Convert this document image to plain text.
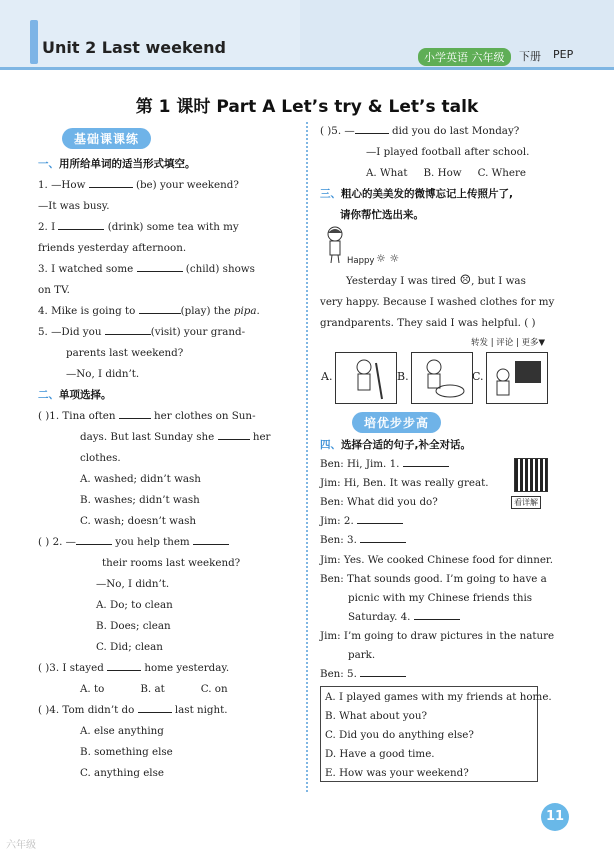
Unit 2 Last weekend
小学英语 六年级	下册 PEP
第 1 课时 Part A Let’s try & Let’s talk
基础课课练

一、用所给单词的适当形式填空。

1. —How	(be) your weekend?

—It was busy.

2. I	(drink) some tea with my

friends yesterday afternoon.

3. I watched some	(child) shows

on TV.

4. Mike is going to	(play) the pipa.

5. —Did you	(visit) your grand-

parents last weekend?

—No, I didn’t.

二、单项选择。

( )1. Tina often	her clothes on Sun-

days. But last Sunday she	her

clothes.

A. washed; didn’t wash

B. washes; didn’t wash

C. wash; doesn’t wash

( ) 2. —	you help them

their rooms last weekend?

—No, I didn’t.

A. Do; to clean

B. Does; clean

C. Did; clean

( )3. I stayed	home yesterday.

A. to	B. at	C. on

( )4. Tom didn’t do	last night.

A. else anything

B. something else

C. anything else

( )5. —	did you do last Monday?

—I played football after school.

A. What B. How C. Where

三、粗心的美美发的微博忘记上传照片了,

请你帮忙选出来。

Happy ☼ ☼

Yesterday I was tired ☹, but I was

very happy. Because I washed clothes for my

grandparents. They said I was helpful. ( )

转发 | 评论 | 更多▼
A.	B.	C.
培优步步高

四、选择合适的句子,补全对话。

Ben: Hi, Jim. 1.

Jim: Hi, Ben. It was really great.

Ben: What did you do?

Jim: 2.

Ben: 3.

Jim: Yes. We cooked Chinese food for dinner.

Ben: That sounds good. I’m going to have a

picnic with my Chinese friends this

Saturday. 4.

Jim: I’m going to draw pictures in the nature

park.

Ben: 5.

看详解

A. I played games with my friends at home.

B. What about you?

C. Did you do anything else?

D. Have a good time.

E. How was your weekend?

11
六年级
